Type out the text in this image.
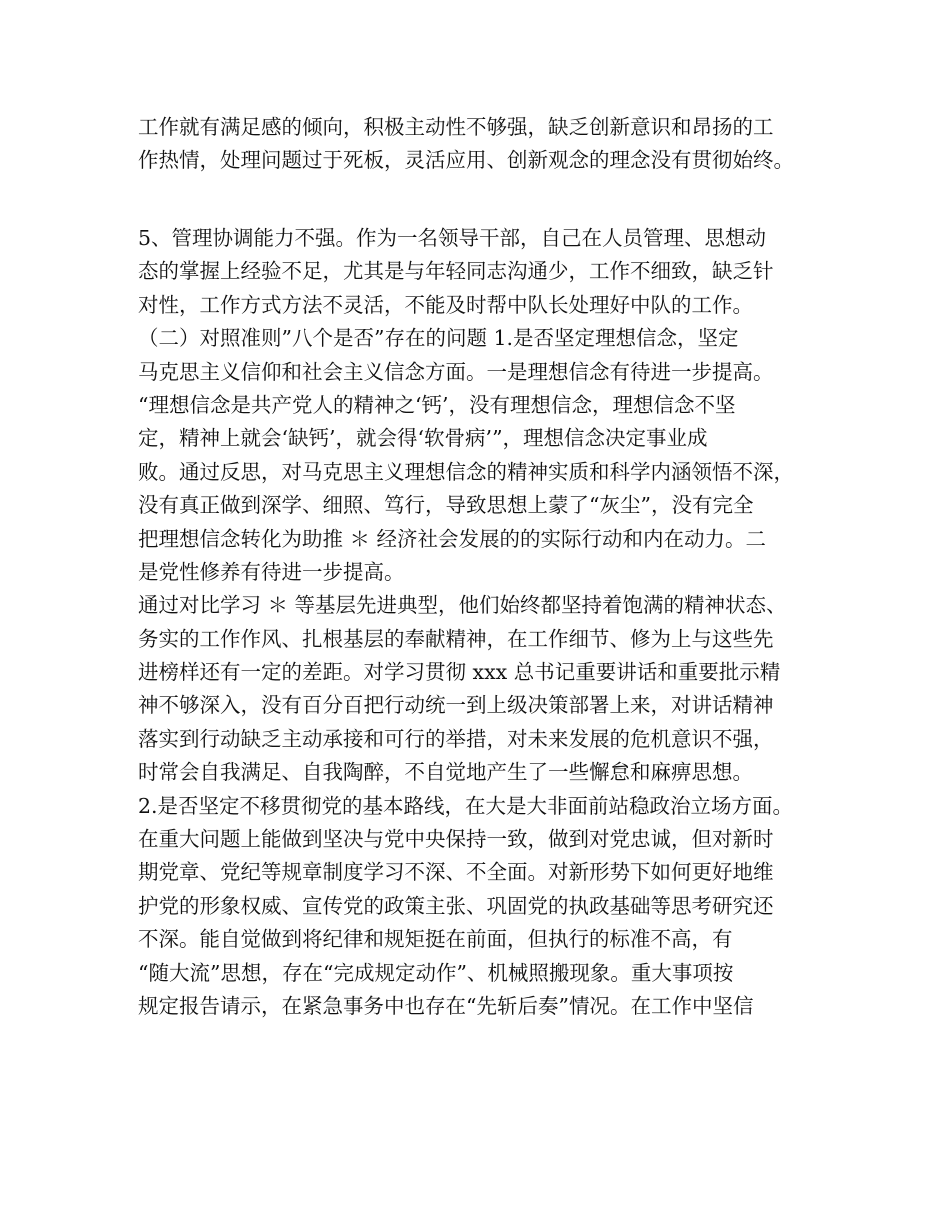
工作就有满足感的倾向，积极主动性不够强，缺乏创新意识和昂扬的工
作热情，处理问题过于死板，灵活应用、创新观念的理念没有贯彻始终。
5、管理协调能力不强。作为一名领导干部，自己在人员管理、思想动
态的掌握上经验不足，尤其是与年轻同志沟通少，工作不细致，缺乏针
对性，工作方式方法不灵活，不能及时帮中队长处理好中队的工作。
（二）对照准则”八个是否”存在的问题 1.是否坚定理想信念，坚定
马克思主义信仰和社会主义信念方面。一是理想信念有待进一步提高。
“理想信念是共产党人的精神之‘钙’，没有理想信念，理想信念不坚
定，精神上就会‘缺钙’，就会得‘软骨病’”，理想信念决定事业成
败。通过反思，对马克思主义理想信念的精神实质和科学内涵领悟不深，
没有真正做到深学、细照、笃行，导致思想上蒙了“灰尘”，没有完全
把理想信念转化为助推 ＊ 经济社会发展的的实际行动和内在动力。二
是党性修养有待进一步提高。
通过对比学习 ＊ 等基层先进典型，他们始终都坚持着饱满的精神状态、
务实的工作作风、扎根基层的奉献精神，在工作细节、修为上与这些先
进榜样还有一定的差距。对学习贯彻 xxx 总书记重要讲话和重要批示精
神不够深入，没有百分百把行动统一到上级决策部署上来，对讲话精神
落实到行动缺乏主动承接和可行的举措，对未来发展的危机意识不强，
时常会自我满足、自我陶醉，不自觉地产生了一些懈怠和麻痹思想。
2.是否坚定不移贯彻党的基本路线，在大是大非面前站稳政治立场方面。
在重大问题上能做到坚决与党中央保持一致，做到对党忠诚，但对新时
期党章、党纪等规章制度学习不深、不全面。对新形势下如何更好地维
护党的形象权威、宣传党的政策主张、巩固党的执政基础等思考研究还
不深。能自觉做到将纪律和规矩挺在前面，但执行的标准不高，有
“随大流”思想，存在“完成规定动作”、机械照搬现象。重大事项按
规定报告请示，在紧急事务中也存在“先斩后奏”情况。在工作中坚信
